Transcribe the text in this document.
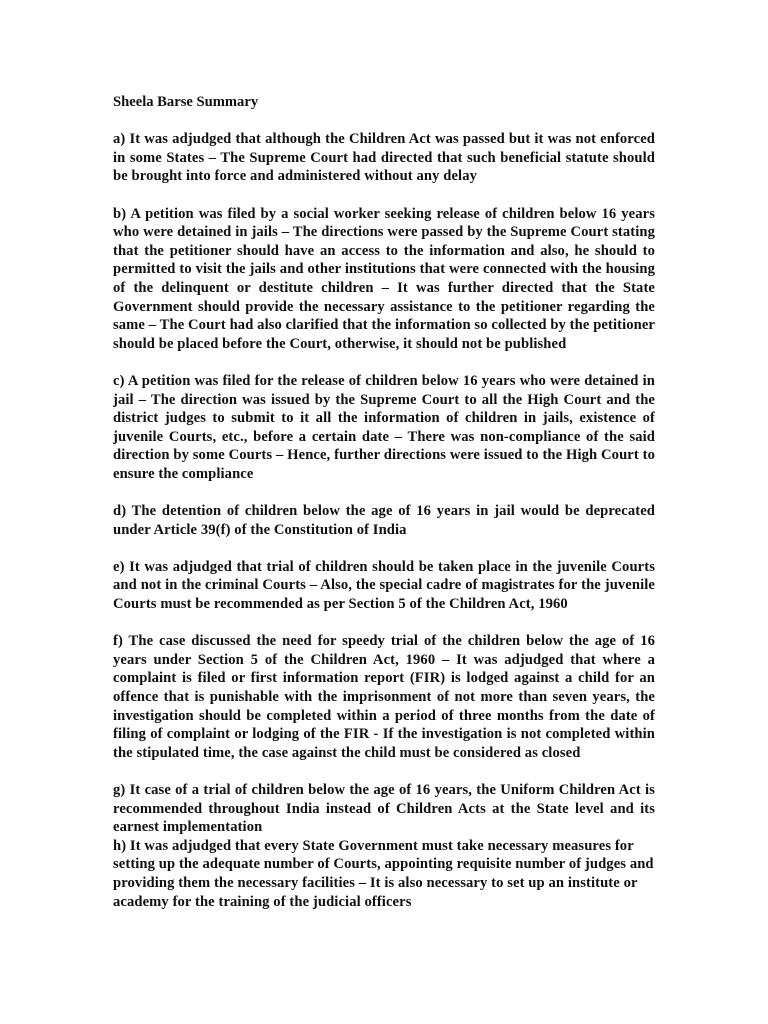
Sheela Barse Summary

a) It was adjudged that although the Children Act was passed but it was not enforced in some States – The Supreme Court had directed that such beneficial statute should be brought into force and administered without any delay

b) A petition was filed by a social worker seeking release of children below 16 years who were detained in jails – The directions were passed by the Supreme Court stating that the petitioner should have an access to the information and also, he should to permitted to visit the jails and other institutions that were connected with the housing of the delinquent or destitute children – It was further directed that the State Government should provide the necessary assistance to the petitioner regarding the same – The Court had also clarified that the information so collected by the petitioner should be placed before the Court, otherwise, it should not be published

c) A petition was filed for the release of children below 16 years who were detained in jail – The direction was issued by the Supreme Court to all the High Court and the district judges to submit to it all the information of children in jails, existence of juvenile Courts, etc., before a certain date – There was non-compliance of the said direction by some Courts – Hence, further directions were issued to the High Court to ensure the compliance

d) The detention of children below the age of 16 years in jail would be deprecated under Article 39(f) of the Constitution of India

e) It was adjudged that trial of children should be taken place in the juvenile Courts and not in the criminal Courts – Also, the special cadre of magistrates for the juvenile Courts must be recommended as per Section 5 of the Children Act, 1960

f) The case discussed the need for speedy trial of the children below the age of 16 years under Section 5 of the Children Act, 1960 – It was adjudged that where a complaint is filed or first information report (FIR) is lodged against a child for an offence that is punishable with the imprisonment of not more than seven years, the investigation should be completed within a period of three months from the date of filing of complaint or lodging of the FIR - If the investigation is not completed within the stipulated time, the case against the child must be considered as closed

g) It case of a trial of children below the age of 16 years, the Uniform Children Act is recommended throughout India instead of Children Acts at the State level and its earnest implementation

h) It was adjudged that every State Government must take necessary measures for setting up the adequate number of Courts, appointing requisite number of judges and providing them the necessary facilities – It is also necessary to set up an institute or academy for the training of the judicial officers
